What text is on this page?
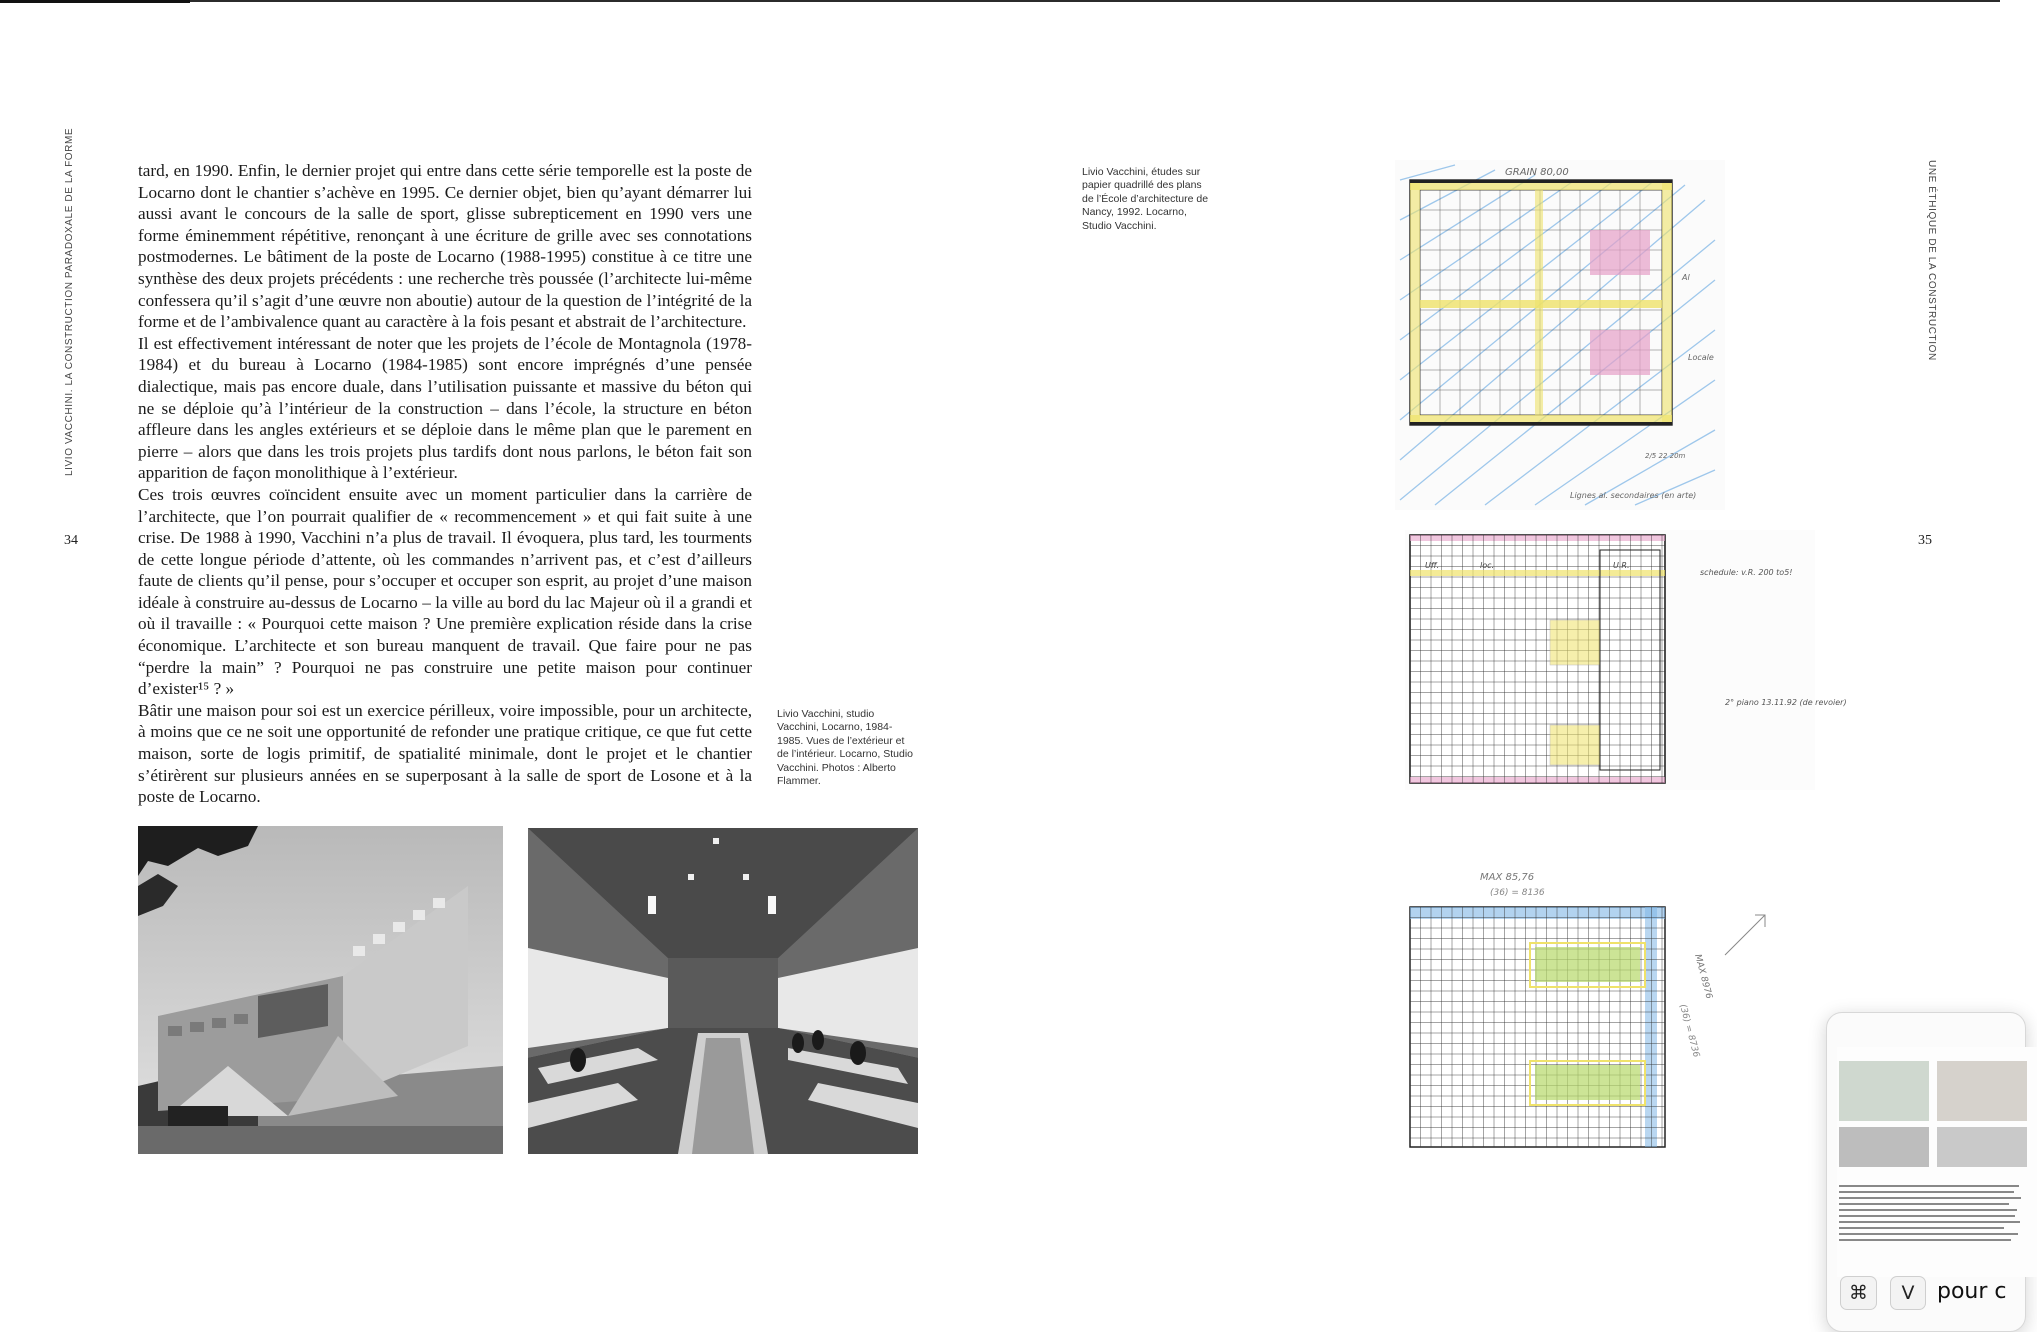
LIVIO VACCHINI. LA CONSTRUCTION PARADOXALE DE LA FORME	UNE ÉTHIQUE DE LA CONSTRUCTION
34	35

tard, en 1990. Enfin, le dernier projet qui entre dans cette série temporelle est la poste de Locarno dont le chantier s’achève en 1995. Ce dernier objet, bien qu’ayant démarrer lui aussi avant le concours de la salle de sport, glisse subrepticement en 1990 vers une forme éminemment répétitive, renonçant à une écriture de grille avec ses connotations postmodernes. Le bâtiment de la poste de Locarno (1988-1995) constitue à ce titre une synthèse des deux projets précédents : une recherche très poussée (l’architecte lui-même confessera qu’il s’agit d’une œuvre non aboutie) autour de la question de l’intégrité de la forme et de l’ambivalence quant au caractère à la fois pesant et abstrait de l’architecture.

Il est effectivement intéressant de noter que les projets de l’école de Montagnola (1978-1984) et du bureau à Locarno (1984-1985) sont encore imprégnés d’une pensée dialectique, mais pas encore duale, dans l’utilisation puissante et massive du béton qui ne se déploie qu’à l’intérieur de la construction – dans l’école, la structure en béton affleure dans les angles extérieurs et se déploie dans le même plan que le parement en pierre – alors que dans les trois projets plus tardifs dont nous parlons, le béton fait son apparition de façon monolithique à l’extérieur.

Ces trois œuvres coïncident ensuite avec un moment particulier dans la carrière de l’architecte, que l’on pourrait qualifier de « recommencement » et qui fait suite à une crise. De 1988 à 1990, Vacchini n’a plus de travail. Il évoquera, plus tard, les tourments de cette longue période d’attente, où les commandes n’arrivent pas, et c’est d’ailleurs faute de clients qu’il pense, pour s’occuper et occuper son esprit, au projet d’une maison idéale à construire au-dessus de Locarno – la ville au bord du lac Majeur où il a grandi et où il travaille : « Pourquoi cette maison ? Une première explication réside dans la crise économique. L’architecte et son bureau manquent de travail. Que faire pour ne pas “perdre la main” ? Pourquoi ne pas construire une petite maison pour continuer d’exister¹⁵ ? »

Bâtir une maison pour soi est un exercice périlleux, voire impossible, pour un architecte, à moins que ce ne soit une opportunité de refonder une pratique critique, ce que fut cette maison, sorte de logis primitif, de spatialité minimale, dont le projet et le chantier s’étirèrent sur plusieurs années en se superposant à la salle de sport de Losone et à la poste de Locarno.

Livio Vacchini, études sur papier quadrillé des plans de l’École d’architecture de Nancy, 1992. Locarno, Studio Vacchini.
Livio Vacchini, studio Vacchini, Locarno, 1984- 1985. Vues de l’extérieur et de l’intérieur. Locarno, Studio Vacchini. Photos : Alberto Flammer.
GRAIN 80,00
Al
Locale
2/5 22 20m
Lignes al. secondaires (en arte)
Uff.	loc.	U.R.
schedule: v.R. 200 to5!
2° piano 13.11.92 (de revoier)
MAX 85,76
(36) = 8136
MAX 8976
(36) = 8736
⌘	V	pour c
